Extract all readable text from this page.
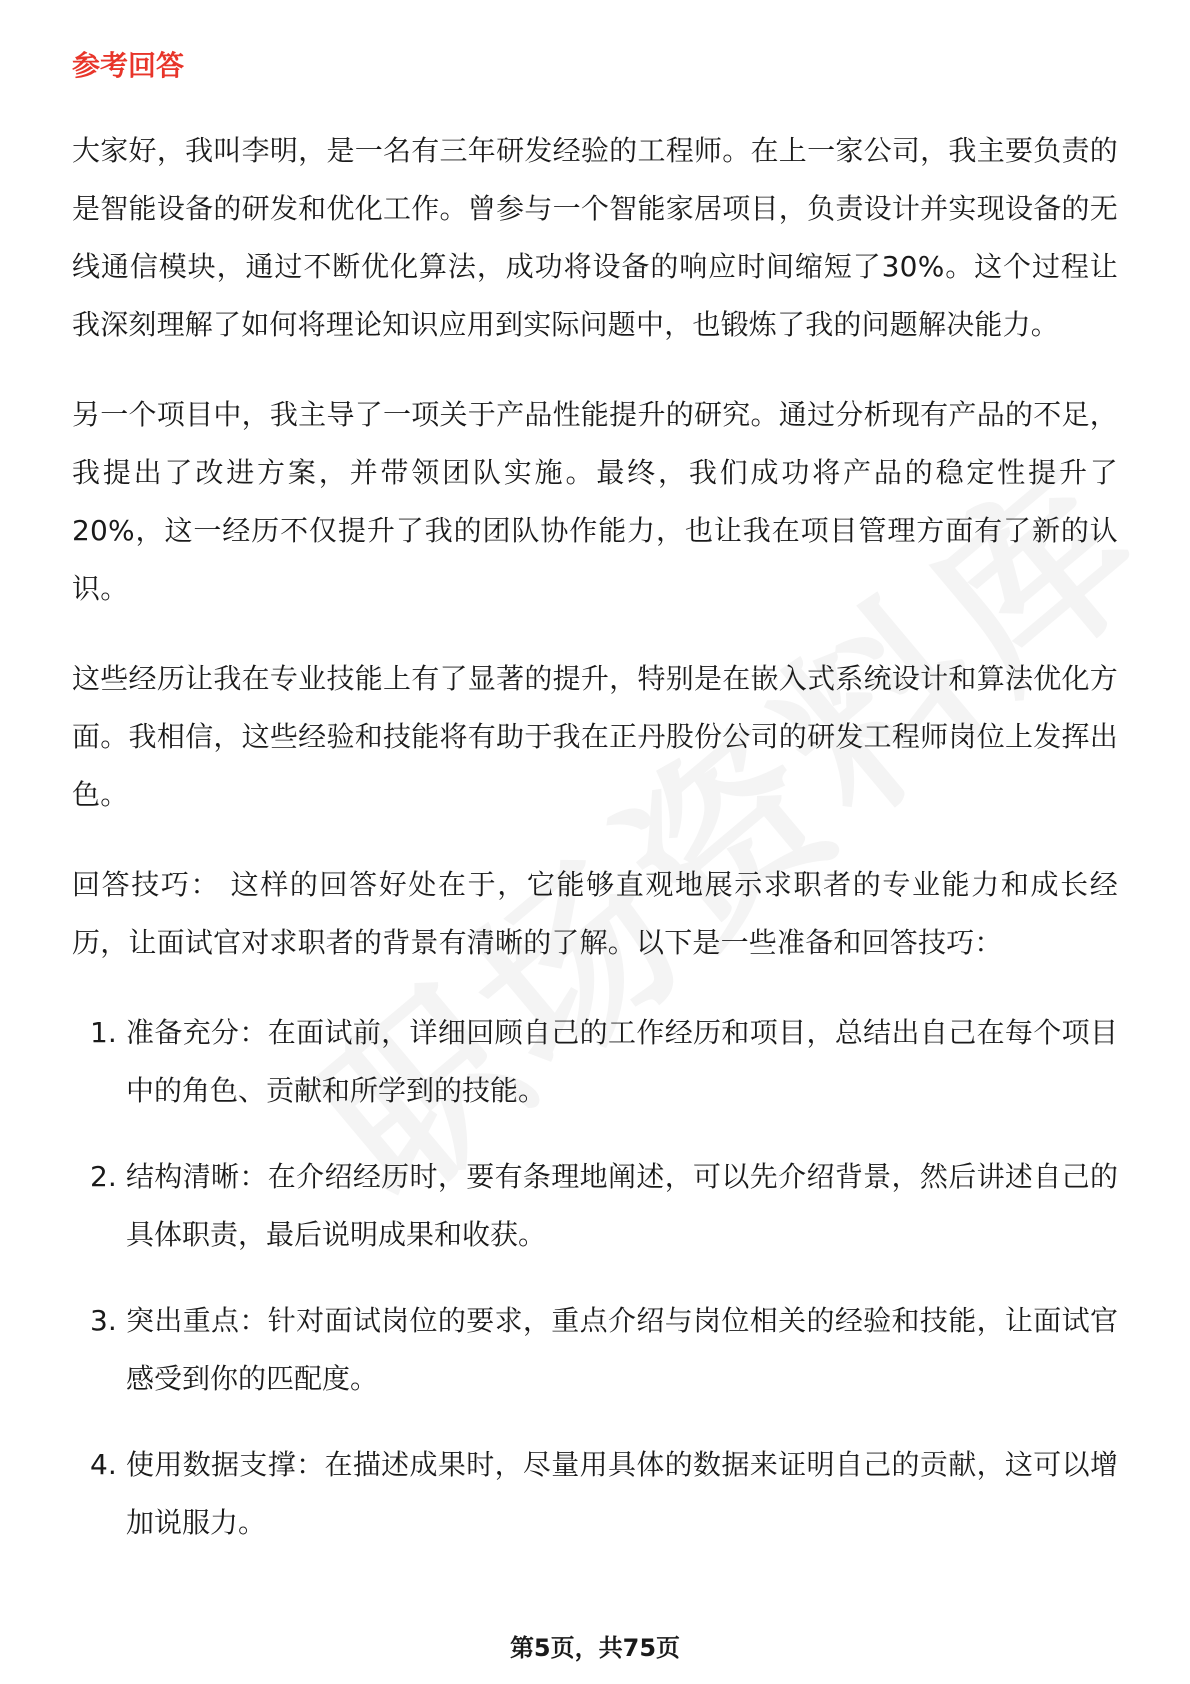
参考回答

大家好，我叫李明，是一名有三年研发经验的工程师。在上一家公司，我主要负责的是智能设备的研发和优化工作。曾参与一个智能家居项目，负责设计并实现设备的无线通信模块，通过不断优化算法，成功将设备的响应时间缩短了30%。这个过程让我深刻理解了如何将理论知识应用到实际问题中，也锻炼了我的问题解决能力。

另一个项目中，我主导了一项关于产品性能提升的研究。通过分析现有产品的不足，我提出了改进方案，并带领团队实施。最终，我们成功将产品的稳定性提升了20%，这一经历不仅提升了我的团队协作能力，也让我在项目管理方面有了新的认识。

这些经历让我在专业技能上有了显著的提升，特别是在嵌入式系统设计和算法优化方面。我相信，这些经验和技能将有助于我在正丹股份公司的研发工程师岗位上发挥出色。

回答技巧： 这样的回答好处在于，它能够直观地展示求职者的专业能力和成长经历，让面试官对求职者的背景有清晰的了解。以下是一些准备和回答技巧：

1. 准备充分：在面试前，详细回顾自己的工作经历和项目，总结出自己在每个项目中的角色、贡献和所学到的技能。
2. 结构清晰：在介绍经历时，要有条理地阐述，可以先介绍背景，然后讲述自己的具体职责，最后说明成果和收获。
3. 突出重点：针对面试岗位的要求，重点介绍与岗位相关的经验和技能，让面试官感受到你的匹配度。
4. 使用数据支撑：在描述成果时，尽量用具体的数据来证明自己的贡献，这可以增加说服力。
第5页，共75页
